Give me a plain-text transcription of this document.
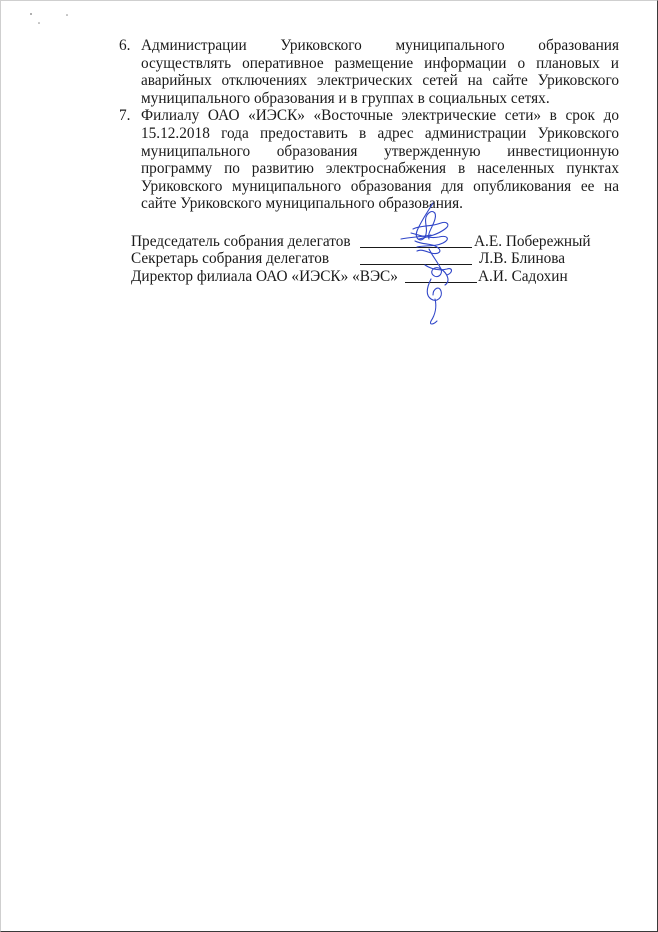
6. Администрации Уриковского муниципального образования осуществлять оперативное размещение информации о плановых и аварийных отключениях электрических сетей на сайте Уриковского муниципального образования и в группах в социальных сетях.
7. Филиалу ОАО «ИЭСК» «Восточные электрические сети» в срок до 15.12.2018 года предоставить в адрес администрации Уриковского муниципального образования утвержденную инвестиционную программу по развитию электроснабжения в населенных пунктах Уриковского муниципального образования для опубликования ее на сайте Уриковского муниципального образования.
Председатель собрания делегатов	А.Е. Побережный
Секретарь собрания делегатов	Л.В. Блинова
Директор филиала ОАО «ИЭСК» «ВЭС»	А.И. Садохин
